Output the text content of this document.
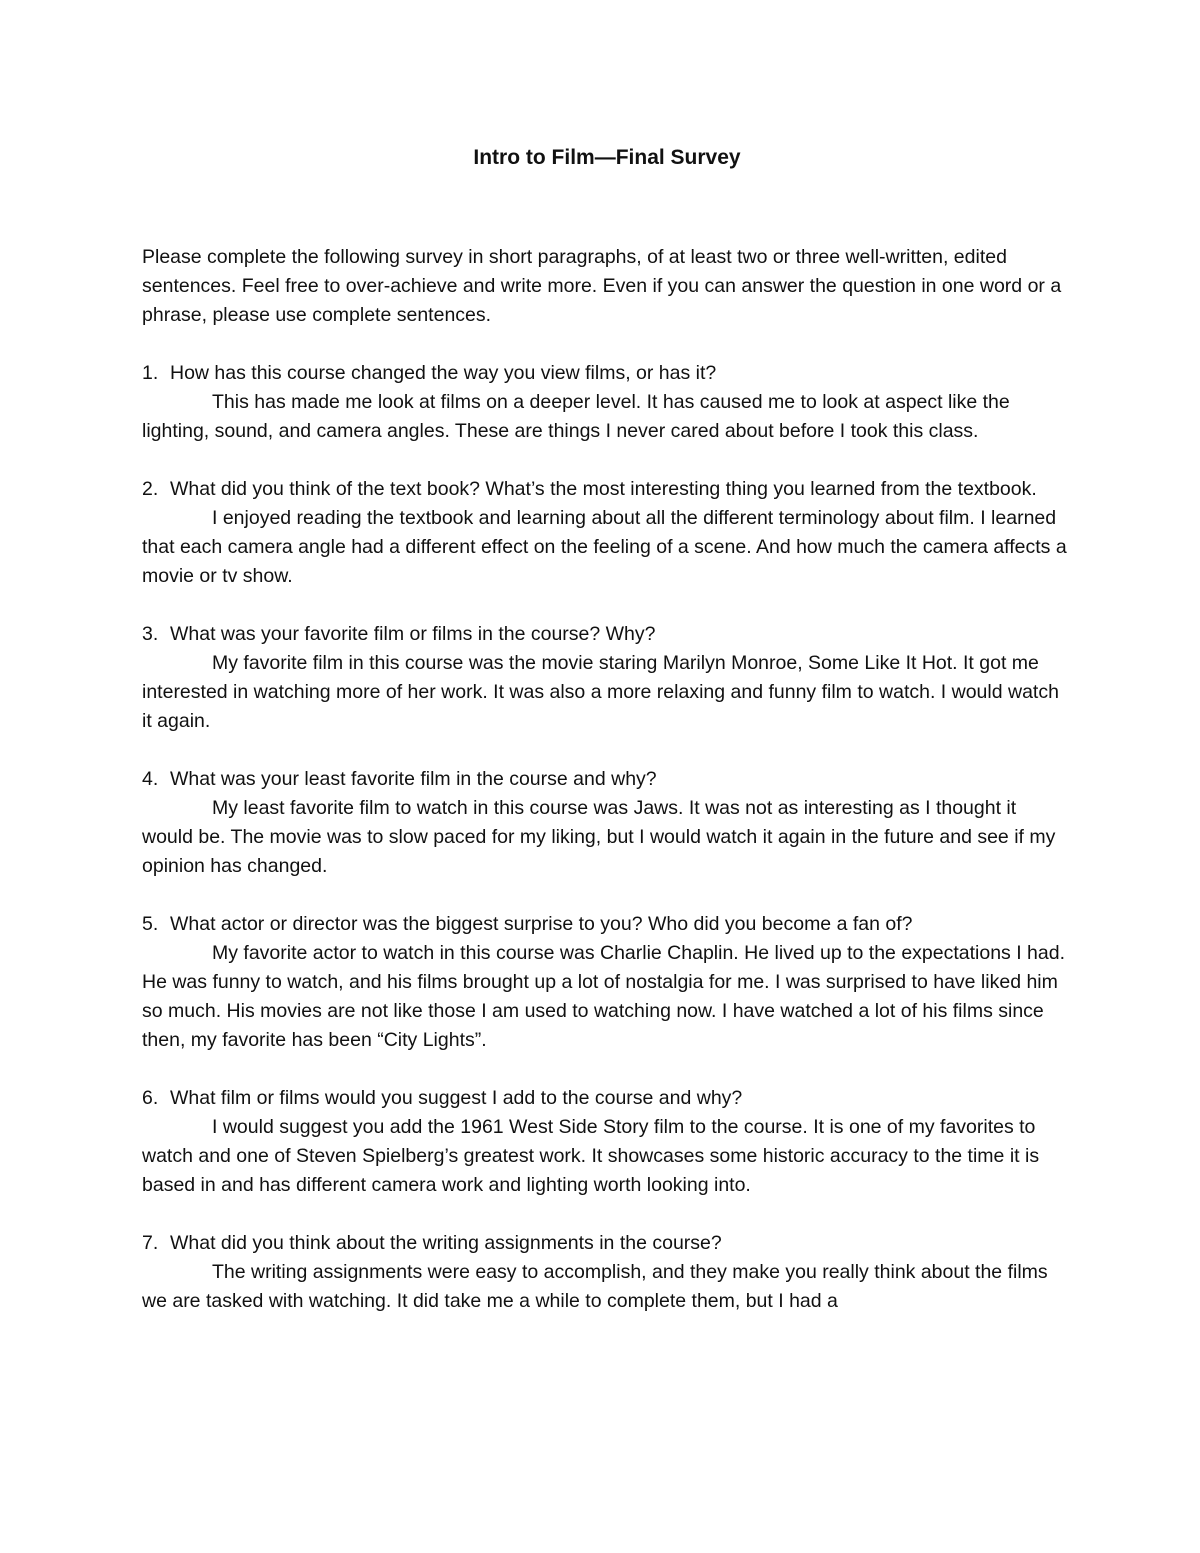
Intro to Film—Final Survey

Please complete the following survey in short paragraphs, of at least two or three well-written, edited sentences. Feel free to over-achieve and write more. Even if you can answer the question in one word or a phrase, please use complete sentences.

1. How has this course changed the way you view films, or has it?

This has made me look at films on a deeper level. It has caused me to look at aspect like the lighting, sound, and camera angles. These are things I never cared about before I took this class.

2. What did you think of the text book? What’s the most interesting thing you learned from the textbook.

I enjoyed reading the textbook and learning about all the different terminology about film. I learned that each camera angle had a different effect on the feeling of a scene. And how much the camera affects a movie or tv show.

3. What was your favorite film or films in the course? Why?

My favorite film in this course was the movie staring Marilyn Monroe, Some Like It Hot. It got me interested in watching more of her work. It was also a more relaxing and funny film to watch. I would watch it again.

4. What was your least favorite film in the course and why?

My least favorite film to watch in this course was Jaws. It was not as interesting as I thought it would be. The movie was to slow paced for my liking, but I would watch it again in the future and see if my opinion has changed.

5. What actor or director was the biggest surprise to you? Who did you become a fan of?

My favorite actor to watch in this course was Charlie Chaplin. He lived up to the expectations I had. He was funny to watch, and his films brought up a lot of nostalgia for me. I was surprised to have liked him so much. His movies are not like those I am used to watching now. I have watched a lot of his films since then, my favorite has been “City Lights”.

6. What film or films would you suggest I add to the course and why?

I would suggest you add the 1961 West Side Story film to the course. It is one of my favorites to watch and one of Steven Spielberg’s greatest work. It showcases some historic accuracy to the time it is based in and has different camera work and lighting worth looking into.

7. What did you think about the writing assignments in the course?

The writing assignments were easy to accomplish, and they make you really think about the films we are tasked with watching. It did take me a while to complete them, but I had a
